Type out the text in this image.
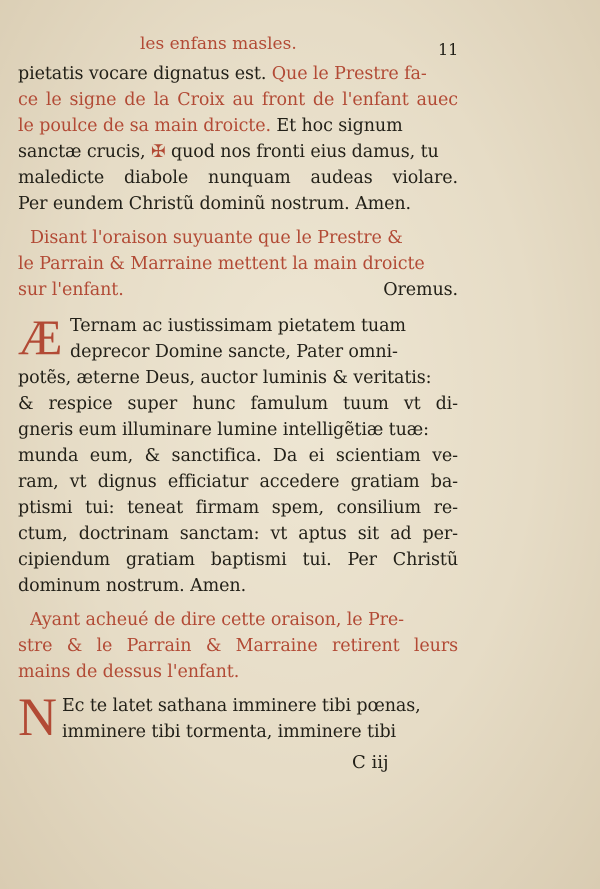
les enfans masles.	11
pietatis vocare dignatus est. Que le Prestre fa-
ce le signe de la Croix au front de l'enfant auec
le poulce de sa main droicte. Et hoc signum
sanctæ crucis, ✠ quod nos fronti eius damus, tu
maledicte diabole nunquam audeas violare.
Per eundem Christũ dominũ nostrum. Amen.
Disant l'oraison suyuante que le Prestre &
le Parrain & Marraine mettent la main droicte
sur l'enfant.	Oremus.
Æ Ternam ac iustissimam pietatem tuam
deprecor Domine sancte, Pater omni-
potẽs, æterne Deus, auctor luminis & veritatis:
& respice super hunc famulum tuum vt di-
gneris eum illuminare lumine intelligẽtiæ tuæ:
munda eum, & sanctifica. Da ei scientiam ve-
ram, vt dignus efficiatur accedere gratiam ba-
ptismi tui: teneat firmam spem, consilium re-
ctum, doctrinam sanctam: vt aptus sit ad per-
cipiendum gratiam baptismi tui. Per Christũ
dominum nostrum. Amen.
Ayant acheué de dire cette oraison, le Pre-
stre & le Parrain & Marraine retirent leurs
mains de dessus l'enfant.
N Ec te latet sathana imminere tibi pœnas,
imminere tibi tormenta, imminere tibi
C iij
